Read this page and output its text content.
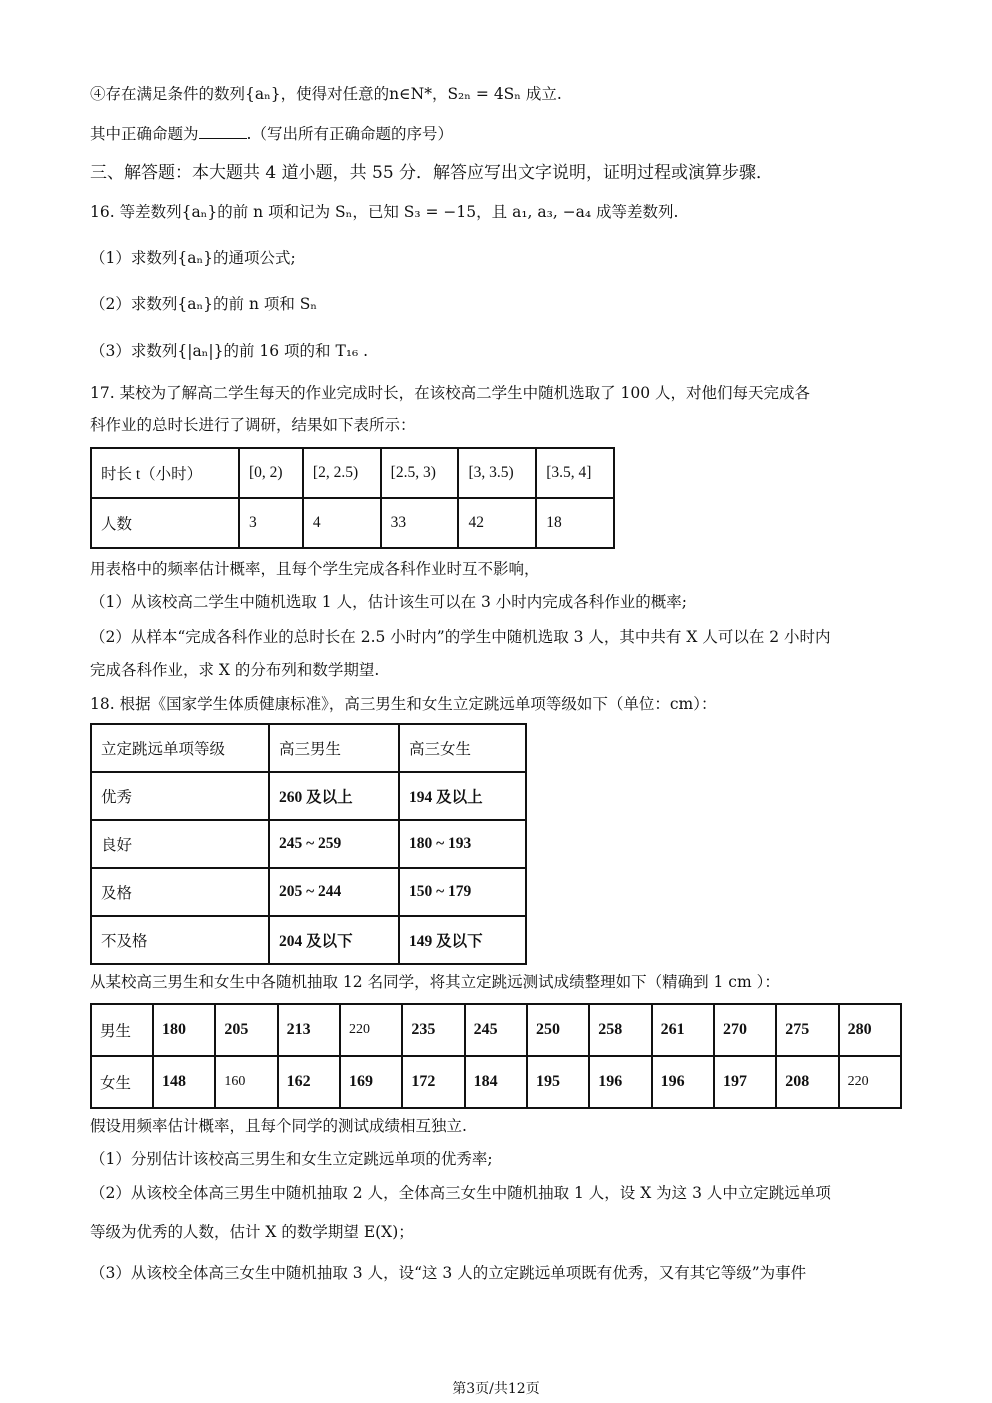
④存在满足条件的数列{aₙ}，使得对任意的n∈N*，S₂ₙ = 4Sₙ 成立.
其中正确命题为	.（写出所有正确命题的序号）
三、解答题：本大题共 4 道小题，共 55 分．解答应写出文字说明，证明过程或演算步骤．
16. 等差数列{aₙ}的前 n 项和记为 Sₙ，已知 S₃ = −15，且 a₁, a₃, −a₄ 成等差数列.
（1）求数列{aₙ}的通项公式;
（2）求数列{aₙ}的前 n 项和 Sₙ
（3）求数列{|aₙ|}的前 16 项的和 T₁₆ .
17. 某校为了解高二学生每天的作业完成时长，在该校高二学生中随机选取了 100 人，对他们每天完成各
科作业的总时长进行了调研，结果如下表所示：
时长 t（小时）	[0, 2)	[2, 2.5)	[2.5, 3)	[3, 3.5)	[3.5, 4]
人数	3	4	33	42	18
用表格中的频率估计概率，且每个学生完成各科作业时互不影响，
（1）从该校高二学生中随机选取 1 人，估计该生可以在 3 小时内完成各科作业的概率;
（2）从样本“完成各科作业的总时长在 2.5 小时内”的学生中随机选取 3 人，其中共有 X 人可以在 2 小时内
完成各科作业，求 X 的分布列和数学期望.
18. 根据《国家学生体质健康标准》，高三男生和女生立定跳远单项等级如下（单位：cm）：
立定跳远单项等级	高三男生	高三女生
优秀	260 及以上	194 及以上
良好	245 ~ 259	180 ~ 193
及格	205 ~ 244	150 ~ 179
不及格	204 及以下	149 及以下
从某校高三男生和女生中各随机抽取 12 名同学，将其立定跳远测试成绩整理如下（精确到 1 cm ）：
男生	180	205	213	220	235	245	250	258	261	270	275	280
女生	148	160	162	169	172	184	195	196	196	197	208	220
假设用频率估计概率，且每个同学的测试成绩相互独立.
（1）分别估计该校高三男生和女生立定跳远单项的优秀率;
（2）从该校全体高三男生中随机抽取 2 人，全体高三女生中随机抽取 1 人，设 X 为这 3 人中立定跳远单项
等级为优秀的人数，估计 X 的数学期望 E(X)；
（3）从该校全体高三女生中随机抽取 3 人，设“这 3 人的立定跳远单项既有优秀，又有其它等级”为事件
第3页/共12页
